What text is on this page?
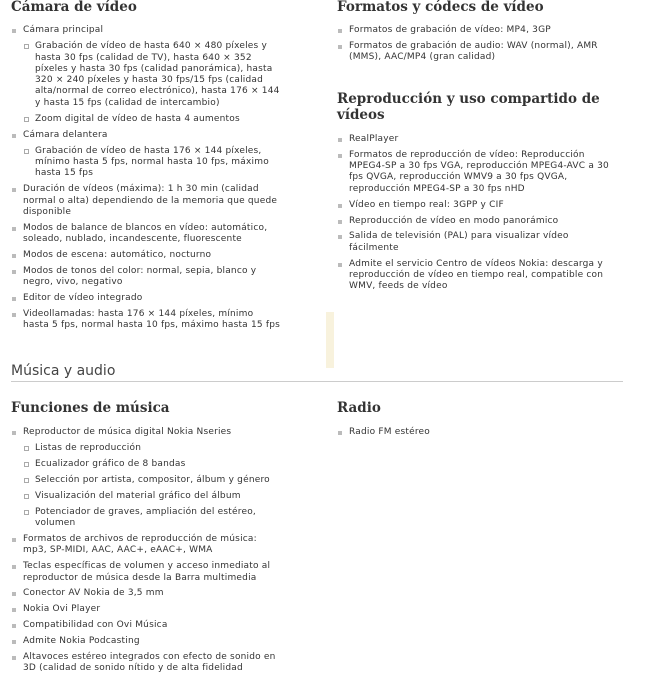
Cámara de vídeo
Cámara principal
Grabación de vídeo de hasta 640 × 480 píxeles y hasta 30 fps (calidad de TV), hasta 640 × 352 píxeles y hasta 30 fps (calidad panorámica), hasta 320 × 240 píxeles y hasta 30 fps/15 fps (calidad alta/normal de correo electrónico), hasta 176 × 144 y hasta 15 fps (calidad de intercambio)
Zoom digital de vídeo de hasta 4 aumentos
Cámara delantera
Grabación de vídeo de hasta 176 × 144 píxeles, mínimo hasta 5 fps, normal hasta 10 fps, máximo hasta 15 fps
Duración de vídeos (máxima): 1 h 30 min (calidad normal o alta) dependiendo de la memoria que quede disponible
Modos de balance de blancos en vídeo: automático, soleado, nublado, incandescente, fluorescente
Modos de escena: automático, nocturno
Modos de tonos del color: normal, sepia, blanco y negro, vivo, negativo
Editor de vídeo integrado
Videollamadas: hasta 176 × 144 píxeles, mínimo hasta 5 fps, normal hasta 10 fps, máximo hasta 15 fps
Formatos y códecs de vídeo
Formatos de grabación de vídeo: MP4, 3GP
Formatos de grabación de audio: WAV (normal), AMR (MMS), AAC/MP4 (gran calidad)
Reproducción y uso compartido de vídeos
RealPlayer
Formatos de reproducción de vídeo: Reproducción MPEG4-SP a 30 fps VGA, reproducción MPEG4-AVC a 30 fps QVGA, reproducción WMV9 a 30 fps QVGA, reproducción MPEG4-SP a 30 fps nHD
Vídeo en tiempo real: 3GPP y CIF
Reproducción de vídeo en modo panorámico
Salida de televisión (PAL) para visualizar vídeo fácilmente
Admite el servicio Centro de vídeos Nokia: descarga y reproducción de vídeo en tiempo real, compatible con WMV, feeds de vídeo
Música y audio
Funciones de música
Reproductor de música digital Nokia Nseries
Listas de reproducción
Ecualizador gráfico de 8 bandas
Selección por artista, compositor, álbum y género
Visualización del material gráfico del álbum
Potenciador de graves, ampliación del estéreo, volumen
Formatos de archivos de reproducción de música: mp3, SP-MIDI, AAC, AAC+, eAAC+, WMA
Teclas específicas de volumen y acceso inmediato al reproductor de música desde la Barra multimedia
Conector AV Nokia de 3,5 mm
Nokia Ovi Player
Compatibilidad con Ovi Música
Admite Nokia Podcasting
Altavoces estéreo integrados con efecto de sonido en 3D (calidad de sonido nítido y de alta fidelidad
Radio
Radio FM estéreo
